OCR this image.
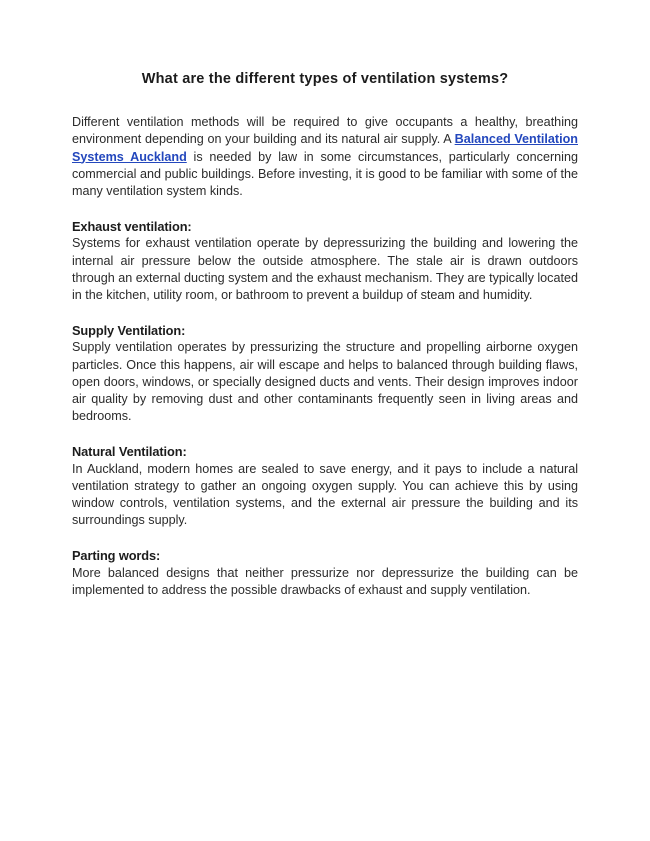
What are the different types of ventilation systems?

Different ventilation methods will be required to give occupants a healthy, breathing environment depending on your building and its natural air supply. A Balanced Ventilation Systems Auckland is needed by law in some circumstances, particularly concerning commercial and public buildings. Before investing, it is good to be familiar with some of the many ventilation system kinds.

Exhaust ventilation:

Systems for exhaust ventilation operate by depressurizing the building and lowering the internal air pressure below the outside atmosphere. The stale air is drawn outdoors through an external ducting system and the exhaust mechanism. They are typically located in the kitchen, utility room, or bathroom to prevent a buildup of steam and humidity.

Supply Ventilation:

Supply ventilation operates by pressurizing the structure and propelling airborne oxygen particles. Once this happens, air will escape and helps to balanced through building flaws, open doors, windows, or specially designed ducts and vents. Their design improves indoor air quality by removing dust and other contaminants frequently seen in living areas and bedrooms.

Natural Ventilation:

In Auckland, modern homes are sealed to save energy, and it pays to include a natural ventilation strategy to gather an ongoing oxygen supply. You can achieve this by using window controls, ventilation systems, and the external air pressure the building and its surroundings supply.

Parting words:

More balanced designs that neither pressurize nor depressurize the building can be implemented to address the possible drawbacks of exhaust and supply ventilation.
